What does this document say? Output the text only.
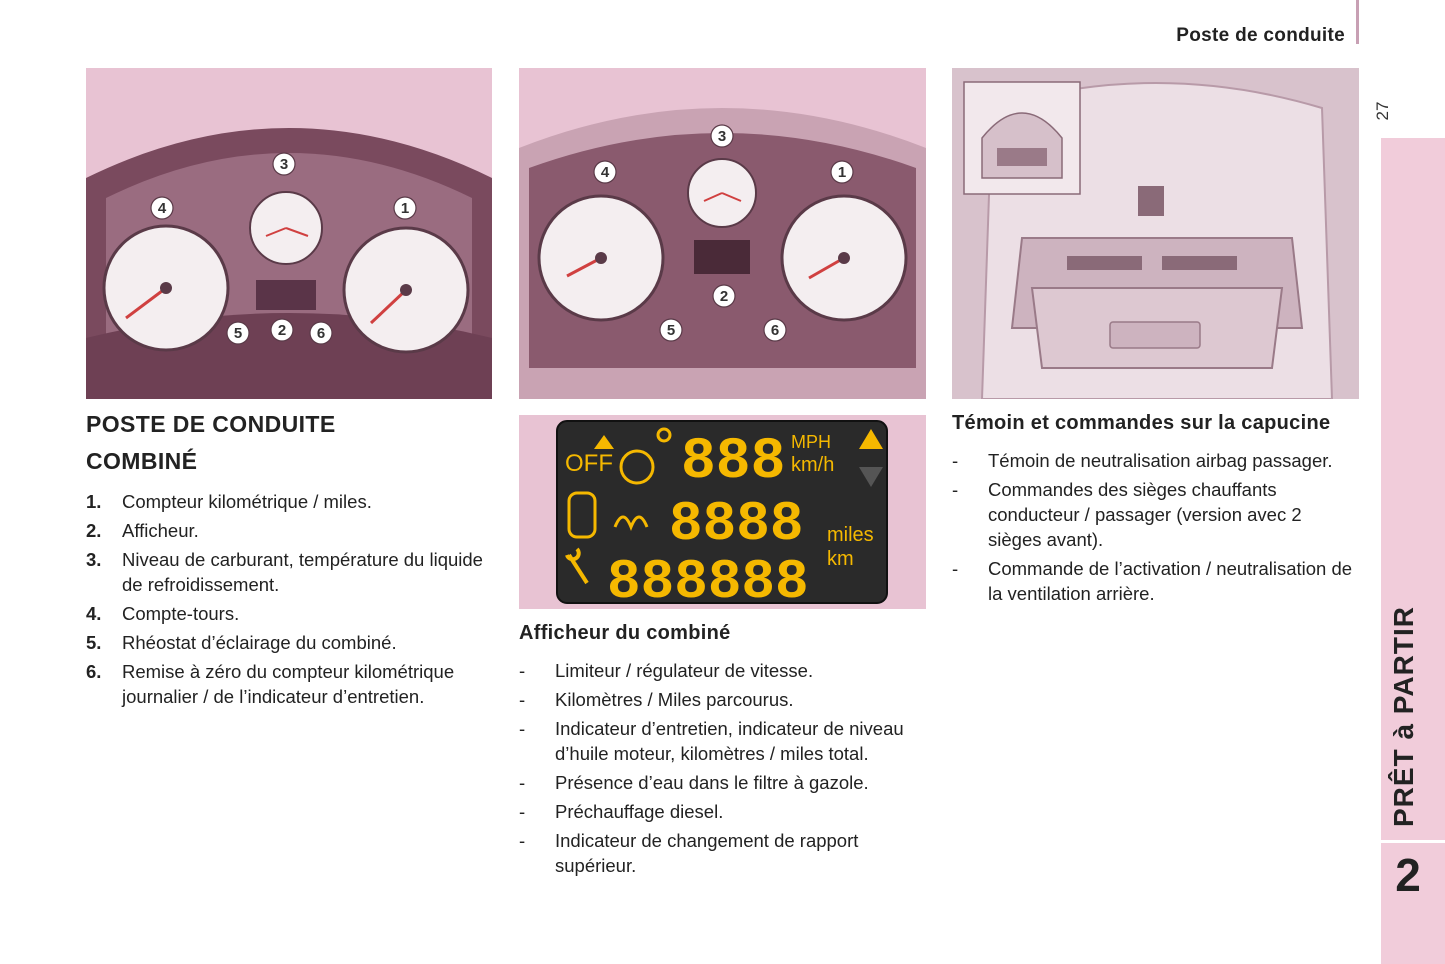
Poste de conduite
27
PRÊT à PARTIR
2
3
4	1
5 2 6
POSTE DE CONDUITE
COMBINÉ
1. Compteur kilométrique / miles.
2. Afficheur.
3. Niveau de carburant, température du liquide de refroidissement.
4. Compte-tours.
5. Rhéostat d’éclairage du combiné.
6. Remise à zéro du compteur kilométrique journalier / de l’indicateur d’entretien.
3
4	1
2
5	6
OFF 888 MPH
km/h
8888 miles
888888 km
Afficheur du combiné
- Limiteur / régulateur de vitesse.
- Kilomètres / Miles parcourus.
- Indicateur d’entretien, indicateur de niveau d’huile moteur, kilomètres / miles total.
- Présence d’eau dans le filtre à gazole.
- Préchauffage diesel.
- Indicateur de changement de rapport supérieur.
Témoin et commandes sur la capucine
- Témoin de neutralisation airbag passager.
- Commandes des sièges chauffants conducteur / passager (version avec 2 sièges avant).
- Commande de l’activation / neutralisation de la ventilation arrière.
